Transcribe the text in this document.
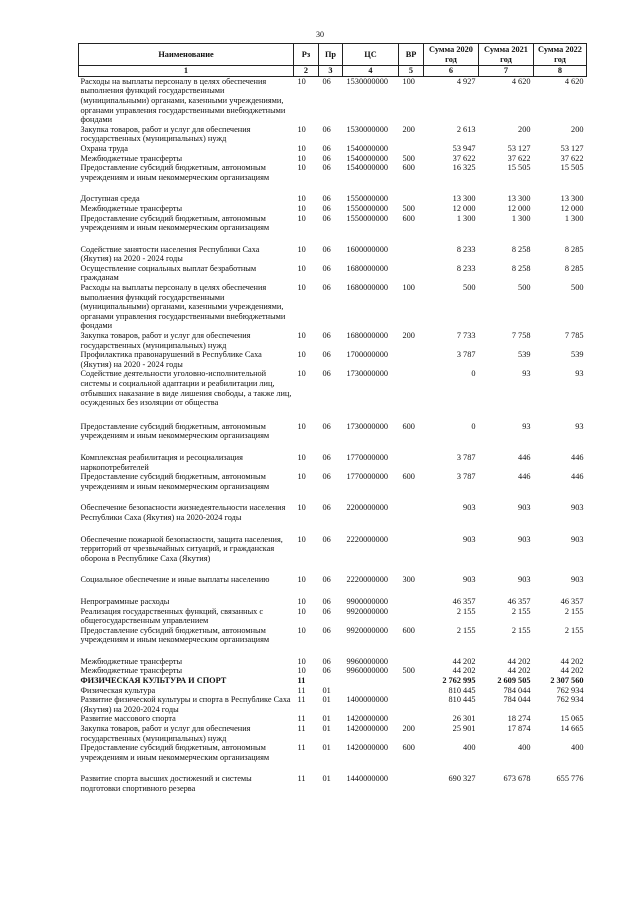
30
Наименование	Рз	Пр	ЦС	ВР	Сумма 2020 год	Сумма 2021 год	Сумма 2022 год
1	2	3	4	5	6	7	8
Расходы на выплаты персоналу в целях обеспечения выполнения функций государственными (муниципальными) органами, казенными учреждениями, органами управления государственными внебюджетными фондами	10	06	1530000000	100	4 927	4 620	4 620
Закупка товаров, работ и услуг для обеспечения государственных (муниципальных) нужд	10	06	1530000000	200	2 613	200	200
Охрана труда	10	06	1540000000		53 947	53 127	53 127
Межбюджетные трансферты	10	06	1540000000	500	37 622	37 622	37 622
Предоставление субсидий бюджетным, автономным учреждениям и иным некоммерческим организациям	10	06	1540000000	600	16 325	15 505	15 505
Доступная среда	10	06	1550000000		13 300	13 300	13 300
Межбюджетные трансферты	10	06	1550000000	500	12 000	12 000	12 000
Предоставление субсидий бюджетным, автономным учреждениям и иным некоммерческим организациям	10	06	1550000000	600	1 300	1 300	1 300
Содействие занятости населения Республики Саха (Якутия) на 2020 - 2024 годы	10	06	1600000000		8 233	8 258	8 285
Осуществление социальных выплат безработным гражданам	10	06	1680000000		8 233	8 258	8 285
Расходы на выплаты персоналу в целях обеспечения выполнения функций государственными (муниципальными) органами, казенными учреждениями, органами управления государственными внебюджетными фондами	10	06	1680000000	100	500	500	500
Закупка товаров, работ и услуг для обеспечения государственных (муниципальных) нужд	10	06	1680000000	200	7 733	7 758	7 785
Профилактика правонарушений в Республике Саха (Якутия) на 2020 - 2024 годы	10	06	1700000000		3 787	539	539
Содействие деятельности уголовно-исполнительной системы и социальной адаптации и реабилитации лиц, отбывших наказание в виде лишения свободы, а также лиц, осужденных без изоляции от общества	10	06	1730000000		0	93	93
Предоставление субсидий бюджетным, автономным учреждениям и иным некоммерческим организациям	10	06	1730000000	600	0	93	93
Комплексная реабилитация и ресоциализация наркопотребителей	10	06	1770000000		3 787	446	446
Предоставление субсидий бюджетным, автономным учреждениям и иным некоммерческим организациям	10	06	1770000000	600	3 787	446	446
Обеспечение безопасности жизнедеятельности населения Республики Саха (Якутия) на 2020-2024 годы	10	06	2200000000		903	903	903
Обеспечение пожарной безопасности, защита населения, территорий от чрезвычайных ситуаций, и гражданская оборона в Республике Саха (Якутия)	10	06	2220000000		903	903	903
Социальное обеспечение и иные выплаты населению	10	06	2220000000	300	903	903	903
Непрограммные расходы	10	06	9900000000		46 357	46 357	46 357
Реализация государственных функций, связанных с общегосударственным управлением	10	06	9920000000		2 155	2 155	2 155
Предоставление субсидий бюджетным, автономным учреждениям и иным некоммерческим организациям	10	06	9920000000	600	2 155	2 155	2 155
Межбюджетные трансферты	10	06	9960000000		44 202	44 202	44 202
Межбюджетные трансферты	10	06	9960000000	500	44 202	44 202	44 202
ФИЗИЧЕСКАЯ КУЛЬТУРА И СПОРТ	11				2 762 995	2 609 505	2 307 560
Физическая культура	11	01			810 445	784 044	762 934
Развитие физической культуры и спорта в Республике Саха (Якутия) на 2020-2024 годы	11	01	1400000000		810 445	784 044	762 934
Развитие массового спорта	11	01	1420000000		26 301	18 274	15 065
Закупка товаров, работ и услуг для обеспечения государственных (муниципальных) нужд	11	01	1420000000	200	25 901	17 874	14 665
Предоставление субсидий бюджетным, автономным учреждениям и иным некоммерческим организациям	11	01	1420000000	600	400	400	400
Развитие спорта высших достижений и системы подготовки спортивного резерва	11	01	1440000000		690 327	673 678	655 776
